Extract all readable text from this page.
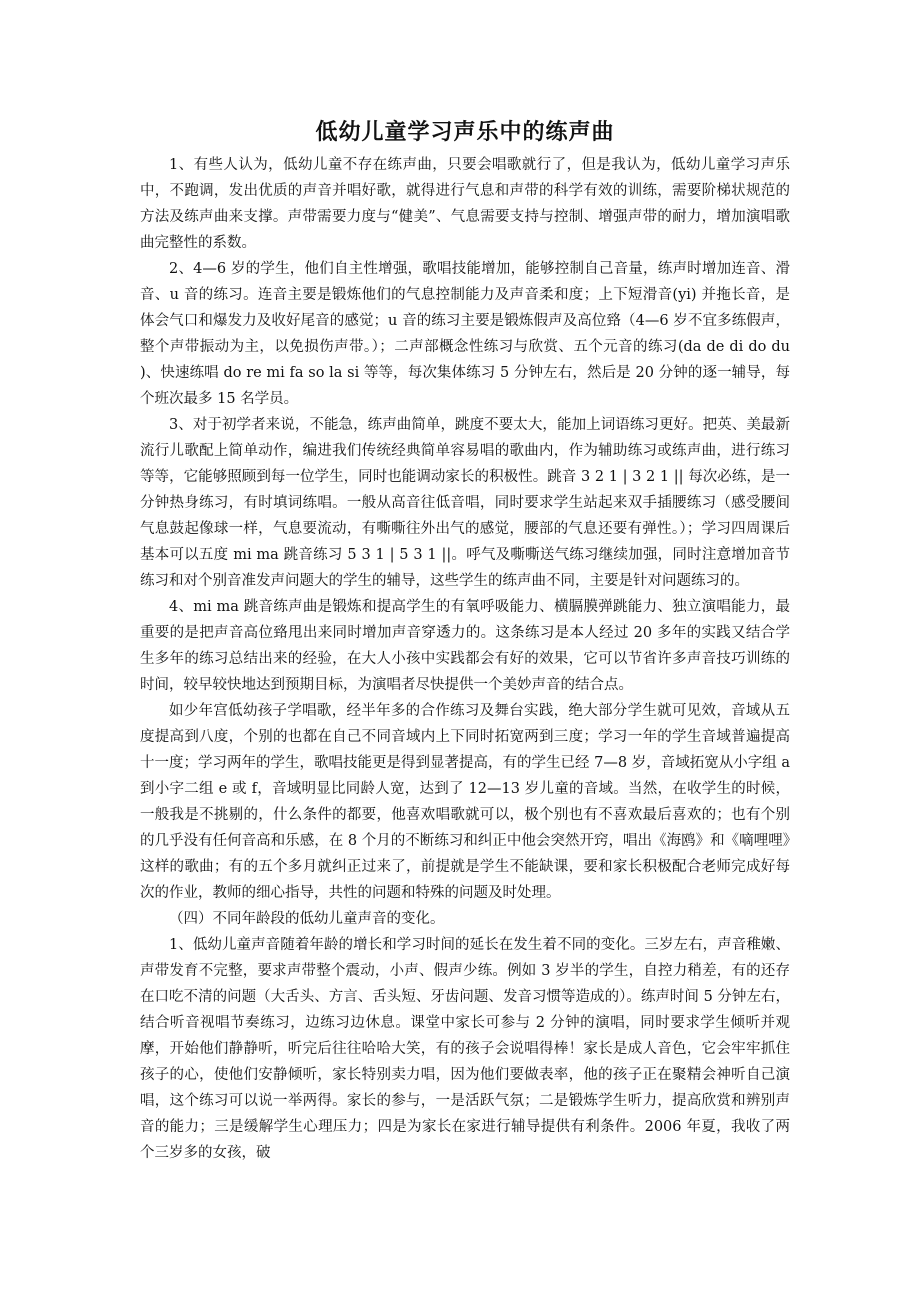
低幼儿童学习声乐中的练声曲

1、有些人认为，低幼儿童不存在练声曲，只要会唱歌就行了，但是我认为，低幼儿童学习声乐中，不跑调，发出优质的声音并唱好歌，就得进行气息和声带的科学有效的训练，需要阶梯状规范的方法及练声曲来支撑。声带需要力度与“健美”、气息需要支持与控制、增强声带的耐力，增加演唱歌曲完整性的系数。

2、4—6 岁的学生，他们自主性增强，歌唱技能增加，能够控制自己音量，练声时增加连音、滑音、u 音的练习。连音主要是锻炼他们的气息控制能力及声音柔和度；上下短滑音(yi) 并拖长音，是体会气口和爆发力及收好尾音的感觉；u 音的练习主要是锻炼假声及高位臵（4—6 岁不宜多练假声，整个声带振动为主，以免损伤声带。）；二声部概念性练习与欣赏、五个元音的练习(da de di do du )、快速练唱 do re mi fa so la si 等等，每次集体练习 5 分钟左右，然后是 20 分钟的逐一辅导，每个班次最多 15 名学员。

3、对于初学者来说，不能急，练声曲简单，跳度不要太大，能加上词语练习更好。把英、美最新流行儿歌配上简单动作，编进我们传统经典简单容易唱的歌曲内，作为辅助练习或练声曲，进行练习等等，它能够照顾到每一位学生，同时也能调动家长的积极性。跳音 3 2 1 | 3 2 1 || 每次必练，是一分钟热身练习，有时填词练唱。一般从高音往低音唱，同时要求学生站起来双手插腰练习（感受腰间气息鼓起像球一样，气息要流动，有嘶嘶往外出气的感觉，腰部的气息还要有弹性。）；学习四周课后基本可以五度 mi ma 跳音练习 5 3 1 | 5 3 1 ||。呼气及嘶嘶送气练习继续加强，同时注意增加音节练习和对个别音准发声问题大的学生的辅导，这些学生的练声曲不同，主要是针对问题练习的。

4、mi ma 跳音练声曲是锻炼和提高学生的有氧呼吸能力、横膈膜弹跳能力、独立演唱能力，最重要的是把声音高位臵甩出来同时增加声音穿透力的。这条练习是本人经过 20 多年的实践又结合学生多年的练习总结出来的经验，在大人小孩中实践都会有好的效果，它可以节省许多声音技巧训练的时间，较早较快地达到预期目标，为演唱者尽快提供一个美妙声音的结合点。

如少年宫低幼孩子学唱歌，经半年多的合作练习及舞台实践，绝大部分学生就可见效，音域从五度提高到八度，个别的也都在自己不同音域内上下同时拓宽两到三度；学习一年的学生音域普遍提高十一度；学习两年的学生，歌唱技能更是得到显著提高，有的学生已经 7—8 岁，音域拓宽从小字组 a 到小字二组 e 或 f，音域明显比同龄人宽，达到了 12—13 岁儿童的音域。当然，在收学生的时候，一般我是不挑剔的，什么条件的都要，他喜欢唱歌就可以，极个别也有不喜欢最后喜欢的；也有个别的几乎没有任何音高和乐感，在 8 个月的不断练习和纠正中他会突然开窍，唱出《海鸥》和《嘀哩哩》这样的歌曲；有的五个多月就纠正过来了，前提就是学生不能缺课，要和家长积极配合老师完成好每次的作业，教师的细心指导，共性的问题和特殊的问题及时处理。

（四）不同年龄段的低幼儿童声音的变化。

1、低幼儿童声音随着年龄的增长和学习时间的延长在发生着不同的变化。三岁左右，声音稚嫩、声带发育不完整，要求声带整个震动，小声、假声少练。例如 3 岁半的学生，自控力稍差，有的还存在口吃不清的问题（大舌头、方言、舌头短、牙齿问题、发音习惯等造成的）。练声时间 5 分钟左右，结合听音视唱节奏练习，边练习边休息。课堂中家长可参与 2 分钟的演唱，同时要求学生倾听并观摩，开始他们静静听，听完后往往哈哈大笑，有的孩子会说唱得棒！家长是成人音色，它会牢牢抓住孩子的心，使他们安静倾听，家长特别卖力唱，因为他们要做表率，他的孩子正在聚精会神听自己演唱，这个练习可以说一举两得。家长的参与，一是活跃气氛；二是锻炼学生听力，提高欣赏和辨别声音的能力；三是缓解学生心理压力；四是为家长在家进行辅导提供有利条件。2006 年夏，我收了两个三岁多的女孩，破
